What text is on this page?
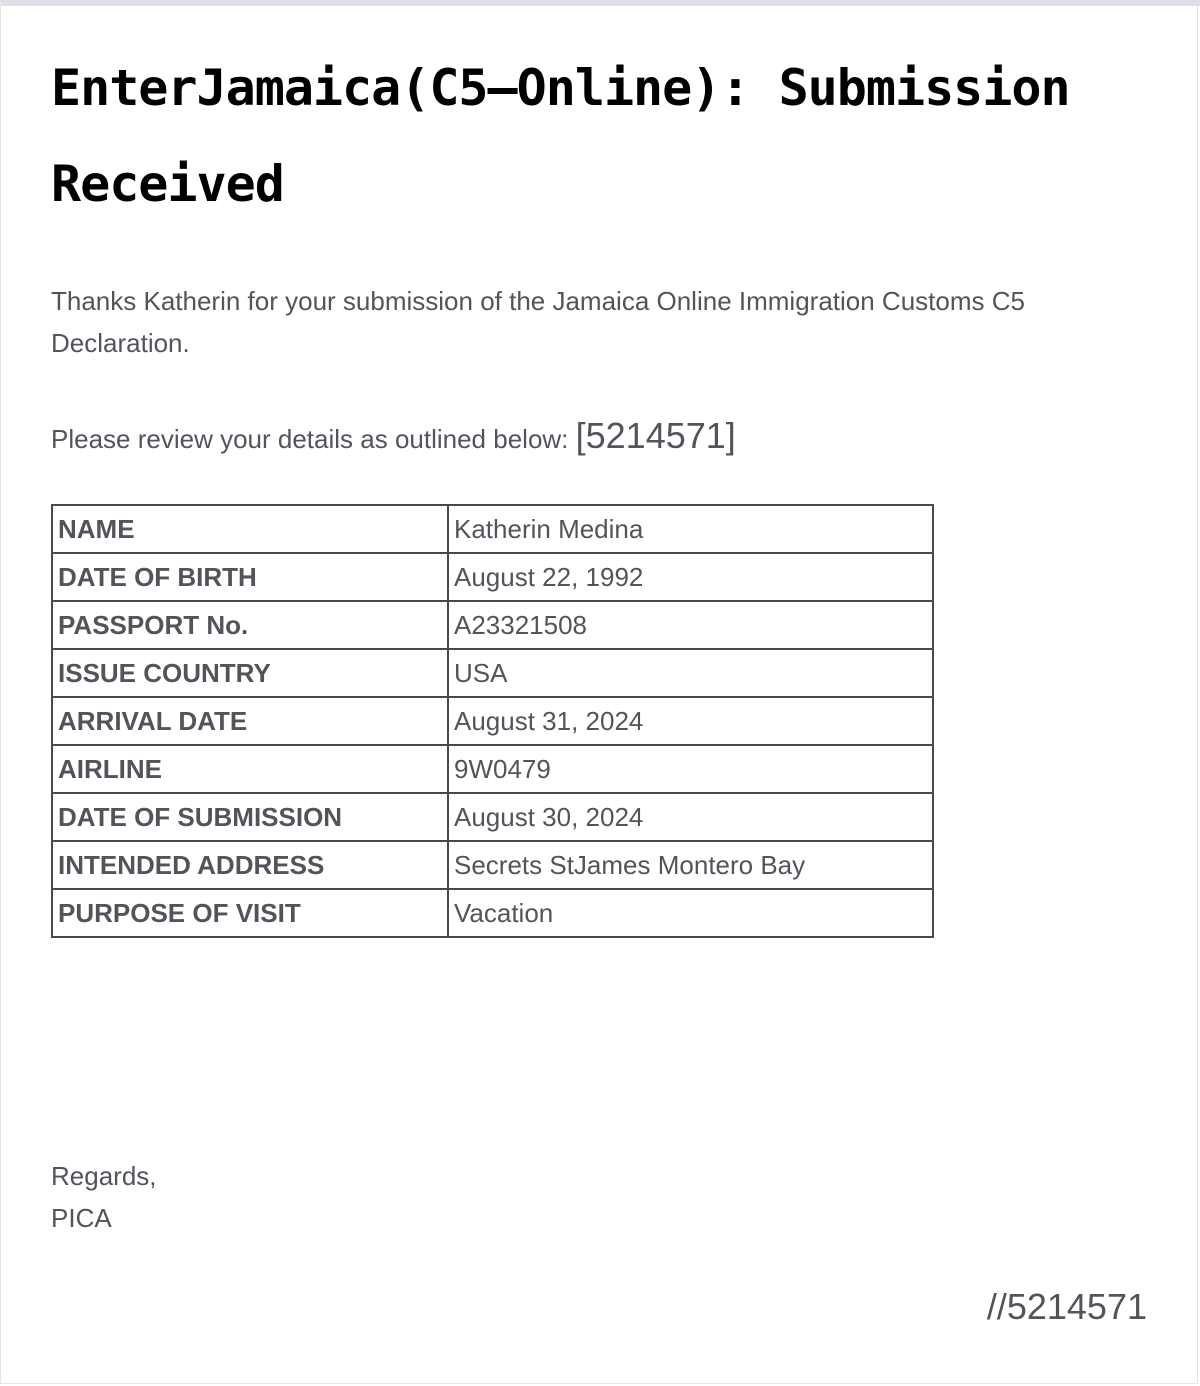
EnterJamaica(C5–Online): Submission Received

Thanks Katherin for your submission of the Jamaica Online Immigration Customs C5 Declaration.

Please review your details as outlined below: [5214571]

NAME	Katherin Medina
DATE OF BIRTH	August 22, 1992
PASSPORT No.	A23321508
ISSUE COUNTRY	USA
ARRIVAL DATE	August 31, 2024
AIRLINE	9W0479
DATE OF SUBMISSION	August 30, 2024
INTENDED ADDRESS	Secrets StJames Montero Bay
PURPOSE OF VISIT	Vacation
Regards,
PICA
//5214571
